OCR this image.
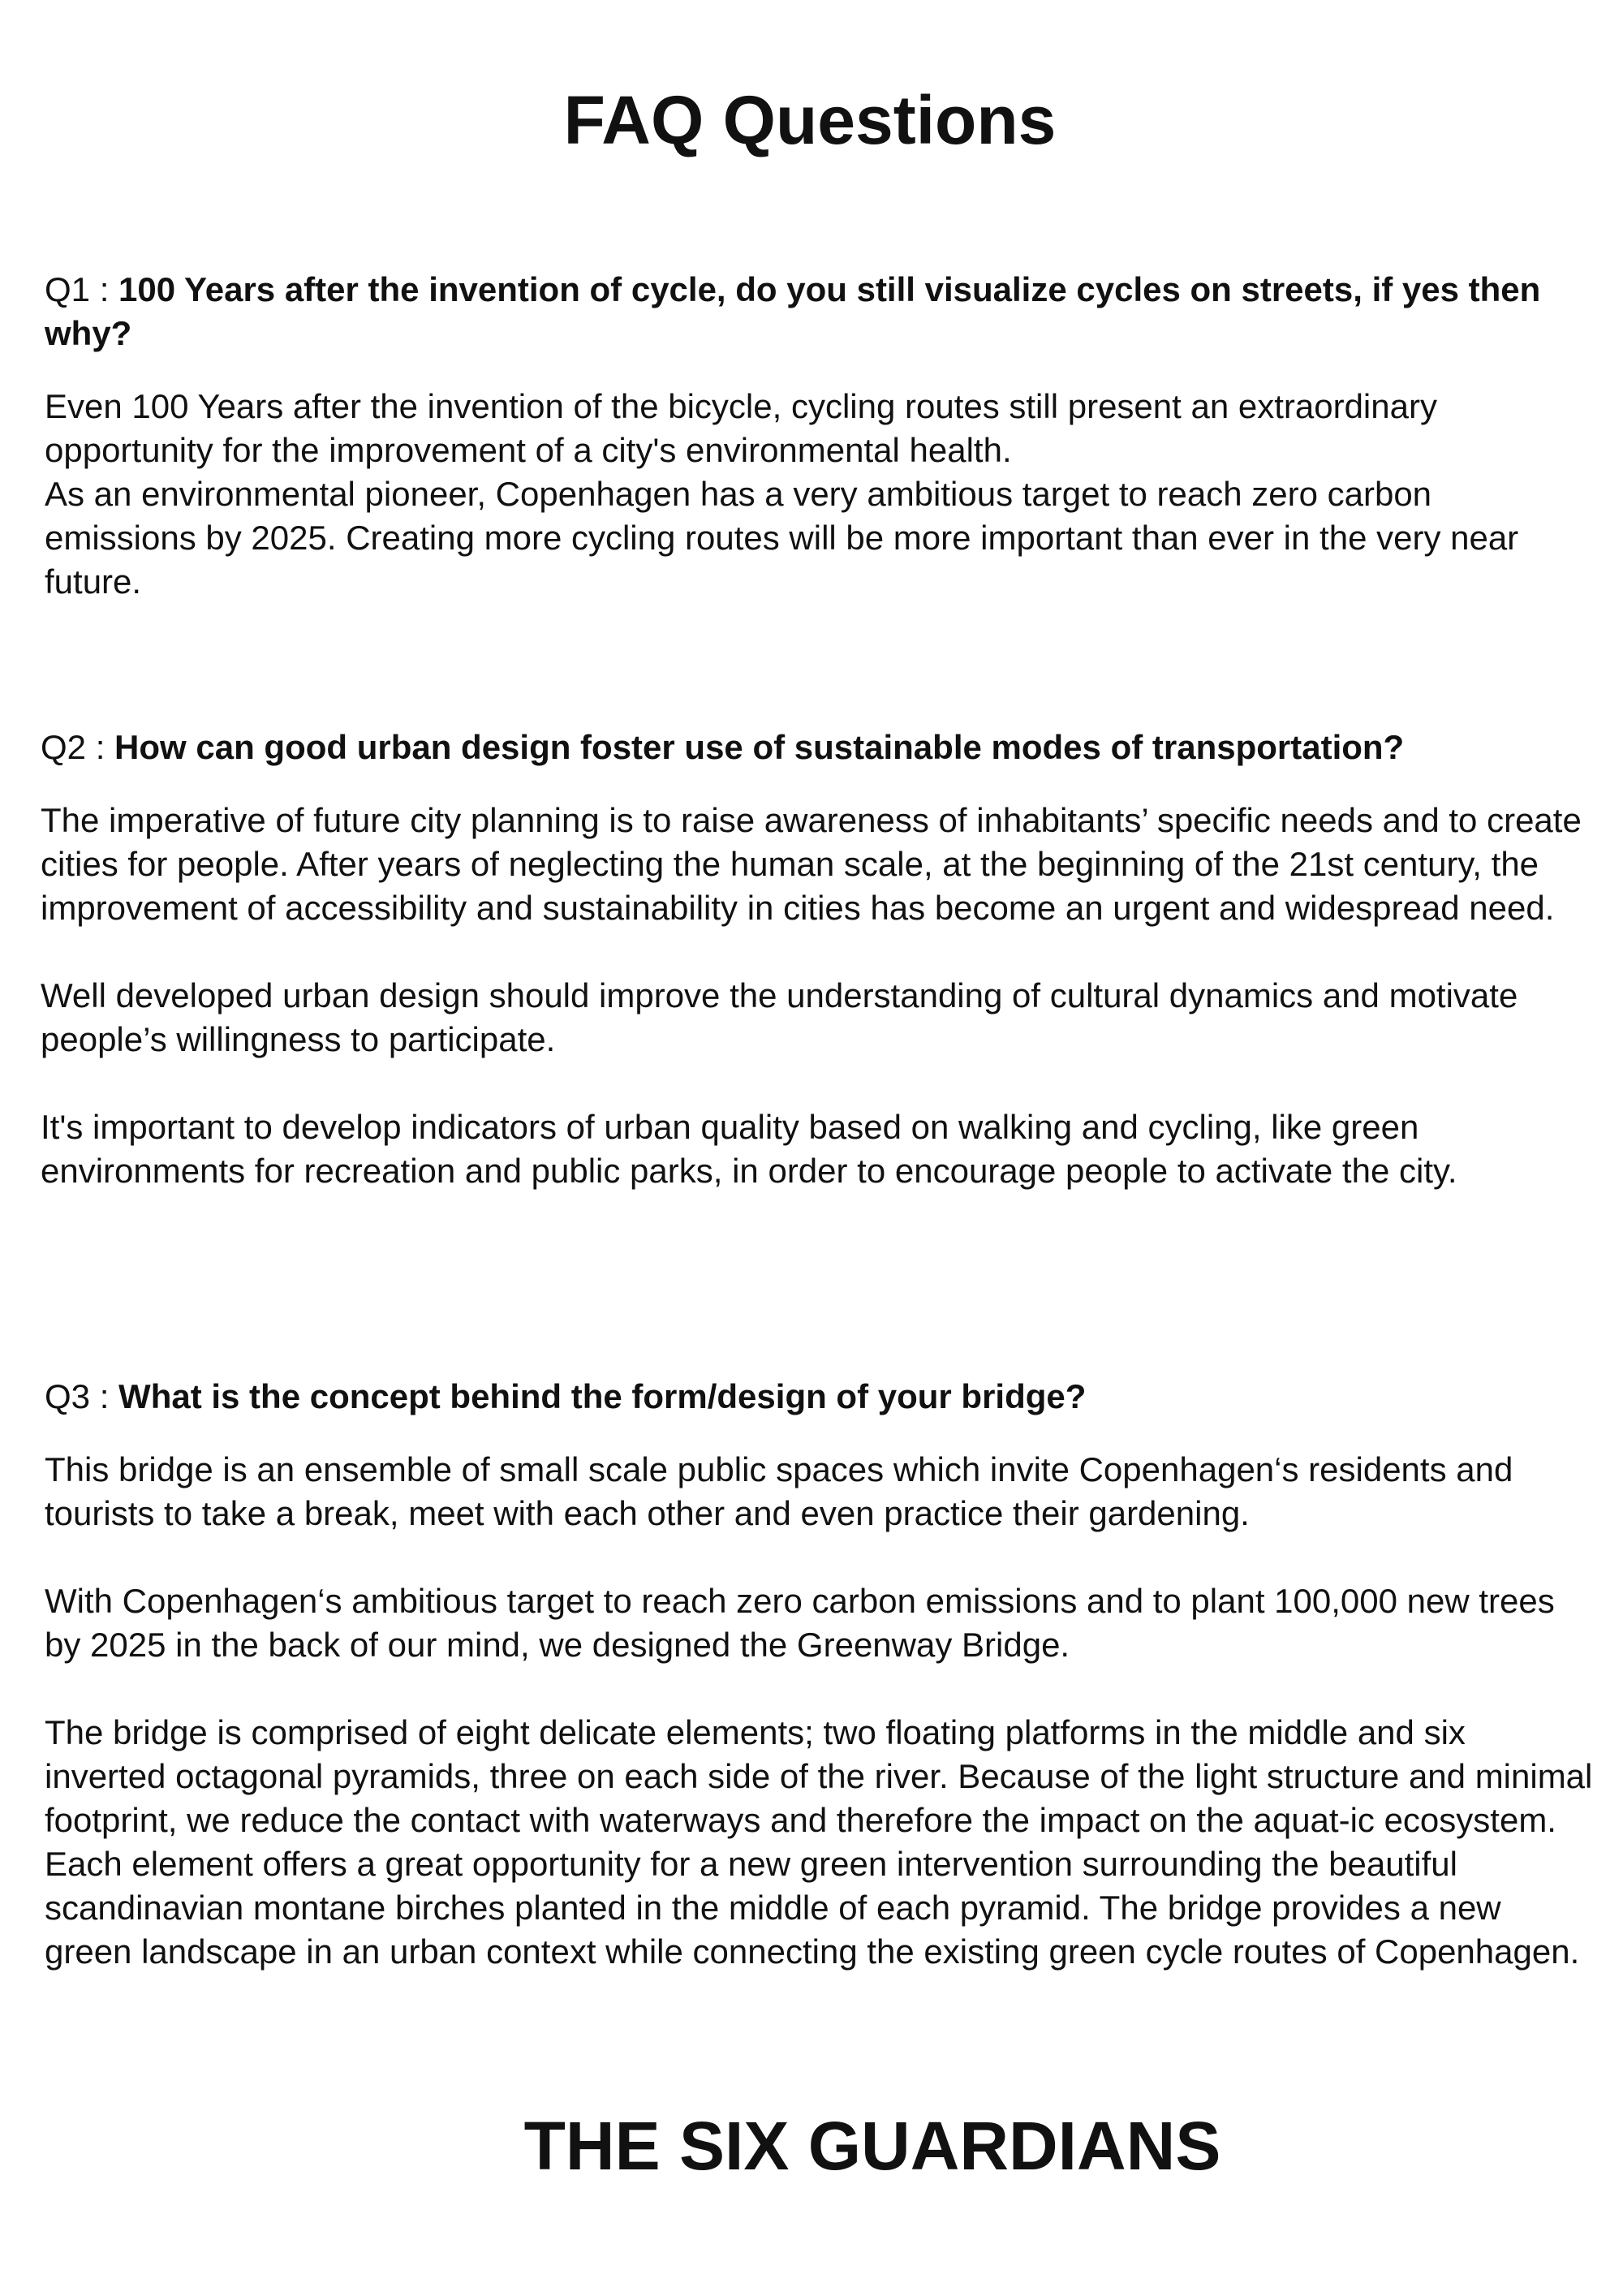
FAQ Questions

Q1 : 100 Years after the invention of cycle, do you still visualize cycles on streets, if yes then why?

Even 100 Years after the invention of the bicycle, cycling routes still present an extraordinary opportunity for the improvement of a city's environmental health.

As an environmental pioneer, Copenhagen has a very ambitious target to reach zero carbon emissions by 2025. Creating more cycling routes will be more important than ever in the very near future.

Q2 : How can good urban design foster use of sustainable modes of transportation?

The imperative of future city planning is to raise awareness of inhabitants’ specific needs and to create cities for people. After years of neglecting the human scale, at the beginning of the 21st century, the improvement of accessibility and sustainability in cities has become an urgent and widespread need.

Well developed urban design should improve the understanding of cultural dynamics and motivate people’s willingness to participate.

It's important to develop indicators of urban quality based on walking and cycling, like green environments for recreation and public parks, in order to encourage people to activate the city.

Q3 : What is the concept behind the form/design of your bridge?

This bridge is an ensemble of small scale public spaces which invite Copenhagen‘s residents and tourists to take a break, meet with each other and even practice their gardening.

With Copenhagen‘s ambitious target to reach zero carbon emissions and to plant 100,000 new trees by 2025 in the back of our mind, we designed the Greenway Bridge.

The bridge is comprised of eight delicate elements; two floating platforms in the middle and six inverted octagonal pyramids, three on each side of the river. Because of the light structure and minimal footprint, we reduce the contact with waterways and therefore the impact on the aquat-ic ecosystem. Each element offers a great opportunity for a new green intervention surrounding the beautiful scandinavian montane birches planted in the middle of each pyramid. The bridge provides a new green landscape in an urban context while connecting the existing green cycle routes of Copenhagen.

THE SIX GUARDIANS
